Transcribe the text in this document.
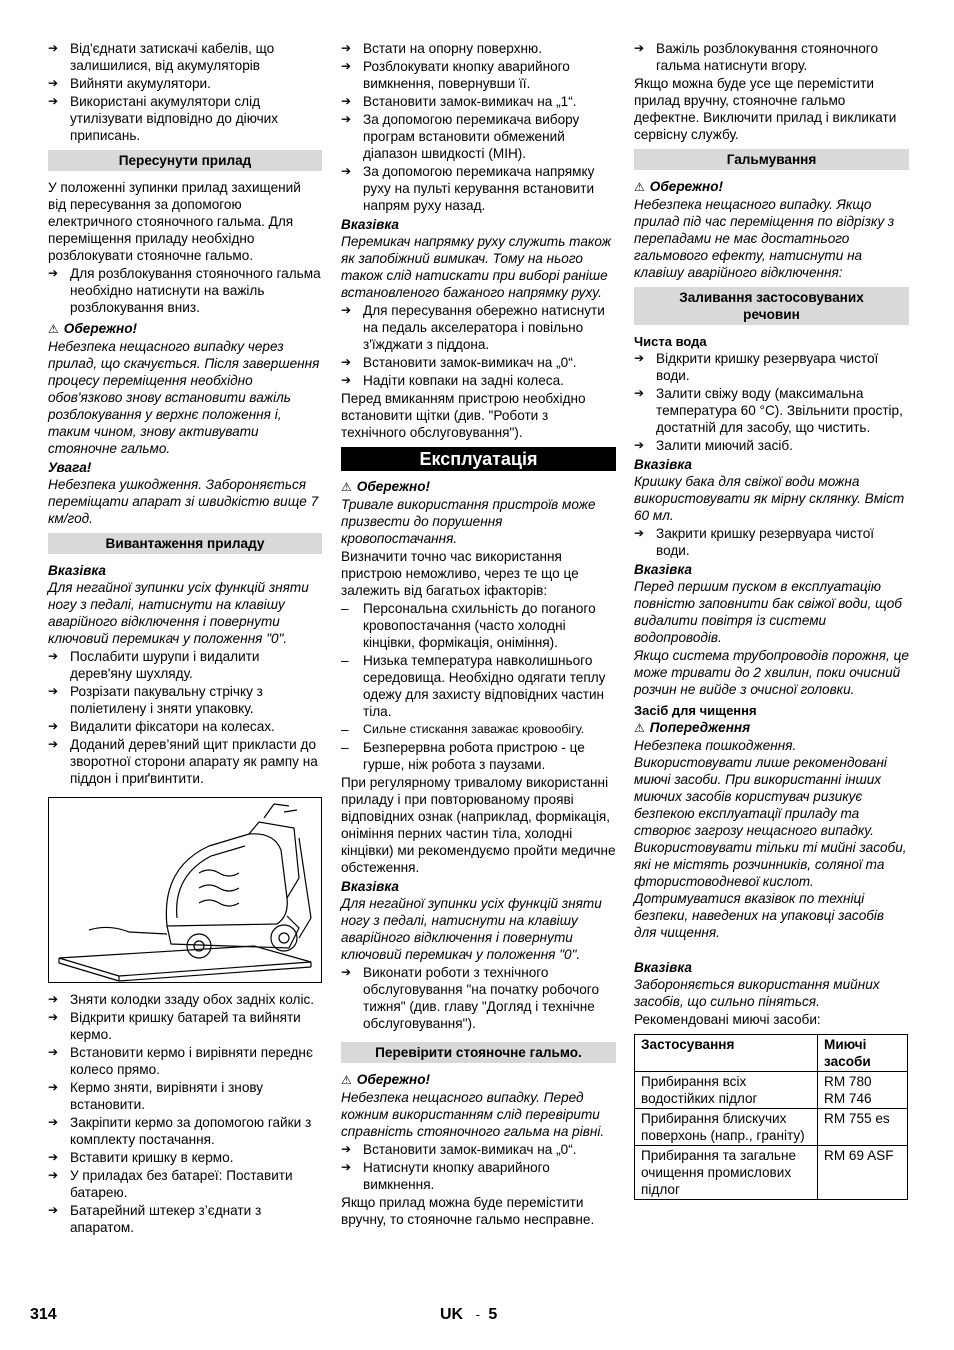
➔ Від'єднати затискачі кабелів, що залишилися, від акумуляторів
➔ Вийняти акумулятори.
➔ Використані акумулятори слід утилізувати відповідно до діючих приписань.
Пересунути прилад
У положенні зупинки прилад захищений від пересування за допомогою електричного стояночного гальма. Для переміщення приладу необхідно розблокувати стояночне гальмо.
➔ Для розблокування стояночного гальма необхідно натиснути на важіль розблокування вниз.
⚠ Обережно!
Небезпека нещасного випадку через прилад, що скачується. Після завершення процесу переміщення необхідно обов'язково знову встановити важіль розблокування у верхнє положення і, таким чином, знову активувати стояночне гальмо.
Увага!
Небезпека ушкодження. Забороняється переміщати апарат зі швидкістю вище 7 км/год.
Вивантаження приладу
Вказівка
Для негайної зупинки усіх функцій зняти ногу з педалі, натиснути на клавішу аварійного відключення і повернути ключовий перемикач у положення "0".
➔ Послабити шурупи і видалити дерев'яну шухляду.
➔ Розрізати пакувальну стрічку з поліетилену і зняти упаковку.
➔ Видалити фіксатори на колесах.
➔ Доданий дерев’яний щит прикласти до зворотної сторони апарату як рампу на піддон і приґвинтити.
➔ Зняти колодки ззаду обох задніх коліс.
➔ Відкрити кришку батарей та вийняти кермо.
➔ Встановити кермо і вирівняти переднє колесо прямо.
➔ Кермо зняти, вирівняти і знову встановити.
➔ Закріпити кермо за допомогою гайки з комплекту постачання.
➔ Вставити кришку в кермо.
➔ У приладах без батареї: Поставити батарею.
➔ Батарейний штекер з’єднати з апаратом.
➔ Встати на опорну поверхню.
➔ Розблокувати кнопку аварийного вимкнення, повернувши її.
➔ Встановити замок-вимикач на „1“.
➔ За допомогою перемикача вибору програм встановити обмежений діапазон швидкості (MIH).
➔ За допомогою перемикача напрямку руху на пульті керування встановити напрям руху назад.
Вказівка
Перемикач напрямку руху служить також як запобіжний вимикач. Тому на нього також слід натискати при виборі раніше встановленого бажаного напрямку руху.
➔ Для пересування обережно натиснути на педаль акселератора і повільно з'їжджати з піддона.
➔ Встановити замок-вимикач на „0“.
➔ Надіти ковпаки на задні колеса.
Перед вмиканням пристрою необхідно встановити щітки (див. "Роботи з технічного обслуговування").
Експлуатація
⚠ Обережно!
Тривале використання пристроїв може призвести до порушення кровопостачання.
Визначити точно час використання пристрою неможливо, через те що це залежить від багатьох іфакторів:
–	Персональна схильність до поганого кровопостачання (часто холодні кінцівки, формікація, оніміння).
–	Низька температура навколишнього середовища. Необхідно одягати теплу одежу для захисту відповідних частин тіла.
–	Сильне стискання заважає кровообігу.
–	Безперервна робота пристрою - це гурше, ніж робота з паузами.
При регулярному тривалому використанні приладу і при повторюваному прояві відповідних ознак (наприклад, формікація, оніміння перних частин тіла, холодні кінцівки) ми рекомендуємо пройти медичне обстеження.
Вказівка
Для негайної зупинки усіх функцій зняти ногу з педалі, натиснути на клавішу аварійного відключення і повернути ключовий перемикач у положення "0".
➔ Виконати роботи з технічного обслуговування "на початку робочого тижня" (див. главу "Догляд і технічне обслуговування").
Перевірити стояночне гальмо.
⚠ Обережно!
Небезпека нещасного випадку. Перед кожним використанням слід перевірити справність стояночного гальма на рівні.
➔ Встановити замок-вимикач на „0“.
➔ Натиснути кнопку аварийного вимкнення.
Якщо прилад можна буде перемістити вручну, то стояночне гальмо несправне.
➔ Важіль розблокування стояночного гальма натиснути вгору.
Якщо можна буде усе ще перемістити прилад вручну, стояночне гальмо дефектне. Виключити прилад і викликати сервісну службу.
Гальмування
⚠ Обережно!
Небезпека нещасного випадку. Якщо прилад під час переміщення по відрізку з перепадами не має достатнього гальмового ефекту, натиснути на клавішу аварійного відключення:
Заливання застосовуваних речовин
Чиста вода
➔ Відкрити кришку резервуара чистої води.
➔ Залити свіжу воду (максимальна температура 60 °C). Звільнити простір, достатній для засобу, що чистить.
➔ Залити миючий засіб.
Вказівка
Кришку бака для свіжої води можна використовувати як мірну склянку. Вміст 60 мл.
➔ Закрити кришку резервуара чистої води.
Вказівка
Перед першим пуском в експлуатацію повністю заповнити бак свіжої води, щоб видалити повітря із системи водопроводів.
Якщо система трубопроводів порожня, це може тривати до 2 хвилин, поки очисний розчин не вийде з очисної головки.
Засіб для чищення
⚠ Попередження
Небезпека пошкодження. Використовувати лише рекомендовані миючі засоби. При використанні інших миючих засобів користувач ризикує безпекою експлуатації приладу та створює загрозу нещасного випадку. Використовувати тільки ті мийні засоби, які не містять розчинників, соляної та фтористоводневої кислот. Дотримуватися вказівок по техніці безпеки, наведених на упаковці засобів для чищення.
Вказівка
Забороняється використання мийних засобів, що сильно піняться.
Рекомендовані миючі засоби:
Застосування	Миючі засоби
Прибирання всіх водостійких підлог	RM 780
RM 746
Прибирання блискучих поверхонь (напр., граніту)	RM 755 es
Прибирання та загальне очищення промислових підлог	RM 69 ASF
314	UK - 5
